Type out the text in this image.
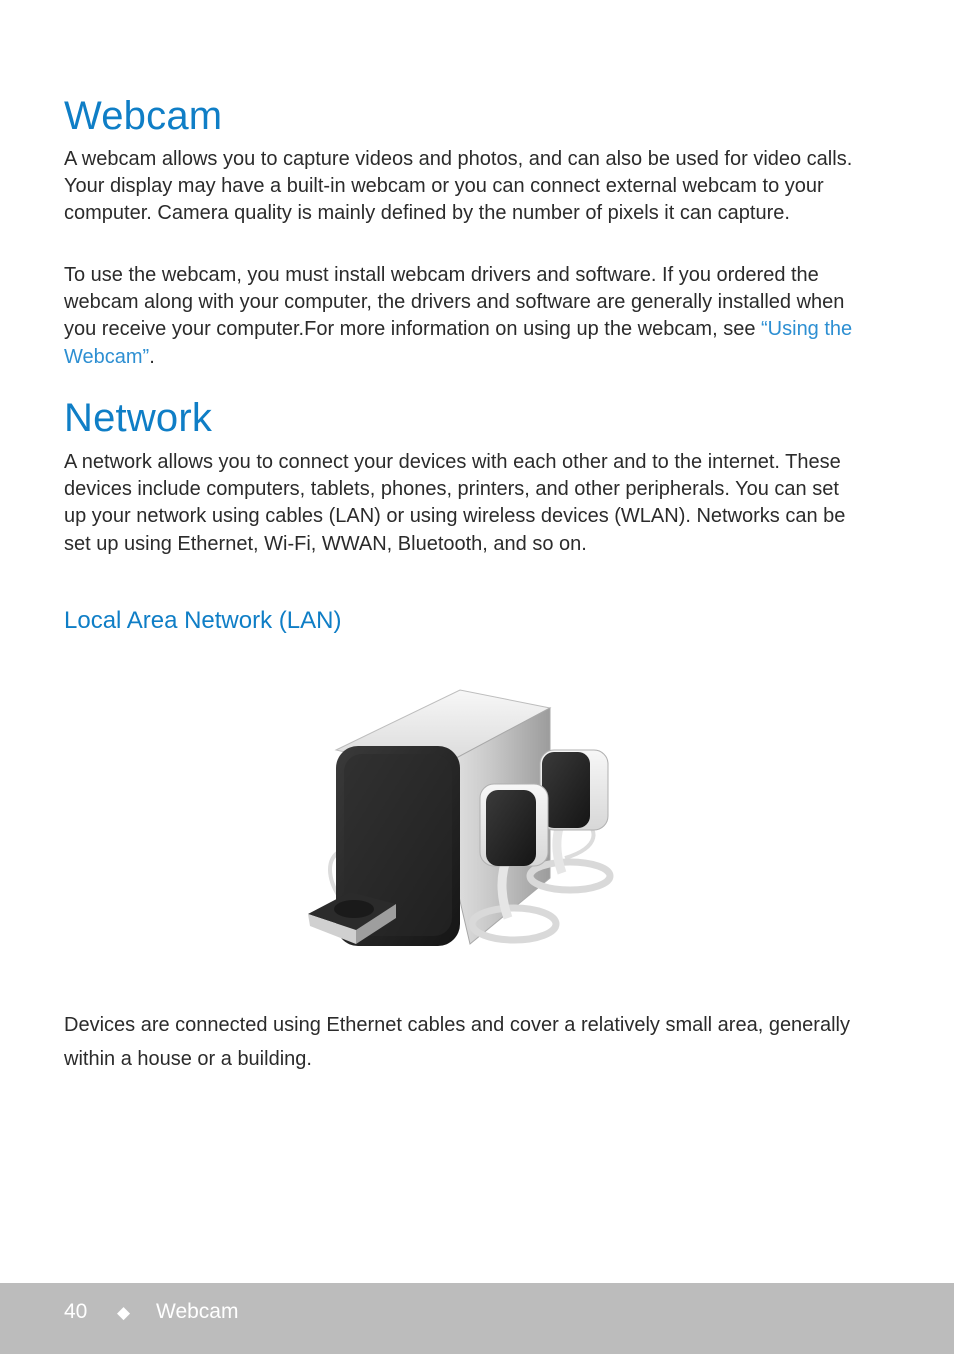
Webcam

A webcam allows you to capture videos and photos, and can also be used for video calls. Your display may have a built-in webcam or you can connect external webcam to your computer. Camera quality is mainly defined by the number of pixels it can capture.

To use the webcam, you must install webcam drivers and software. If you ordered the webcam along with your computer, the drivers and software are generally installed when you receive your computer.For more information on using up the webcam, see “Using the Webcam”.

Network

A network allows you to connect your devices with each other and to the internet. These devices include computers, tablets, phones, printers, and other peripherals. You can set up your network using cables (LAN) or using wireless devices (WLAN). Networks can be set up using Ethernet, Wi-Fi, WWAN, Bluetooth, and so on.

Local Area Network (LAN)

Devices are connected using Ethernet cables and cover a relatively small area, generally within a house or a building.

40 ◆ Webcam
